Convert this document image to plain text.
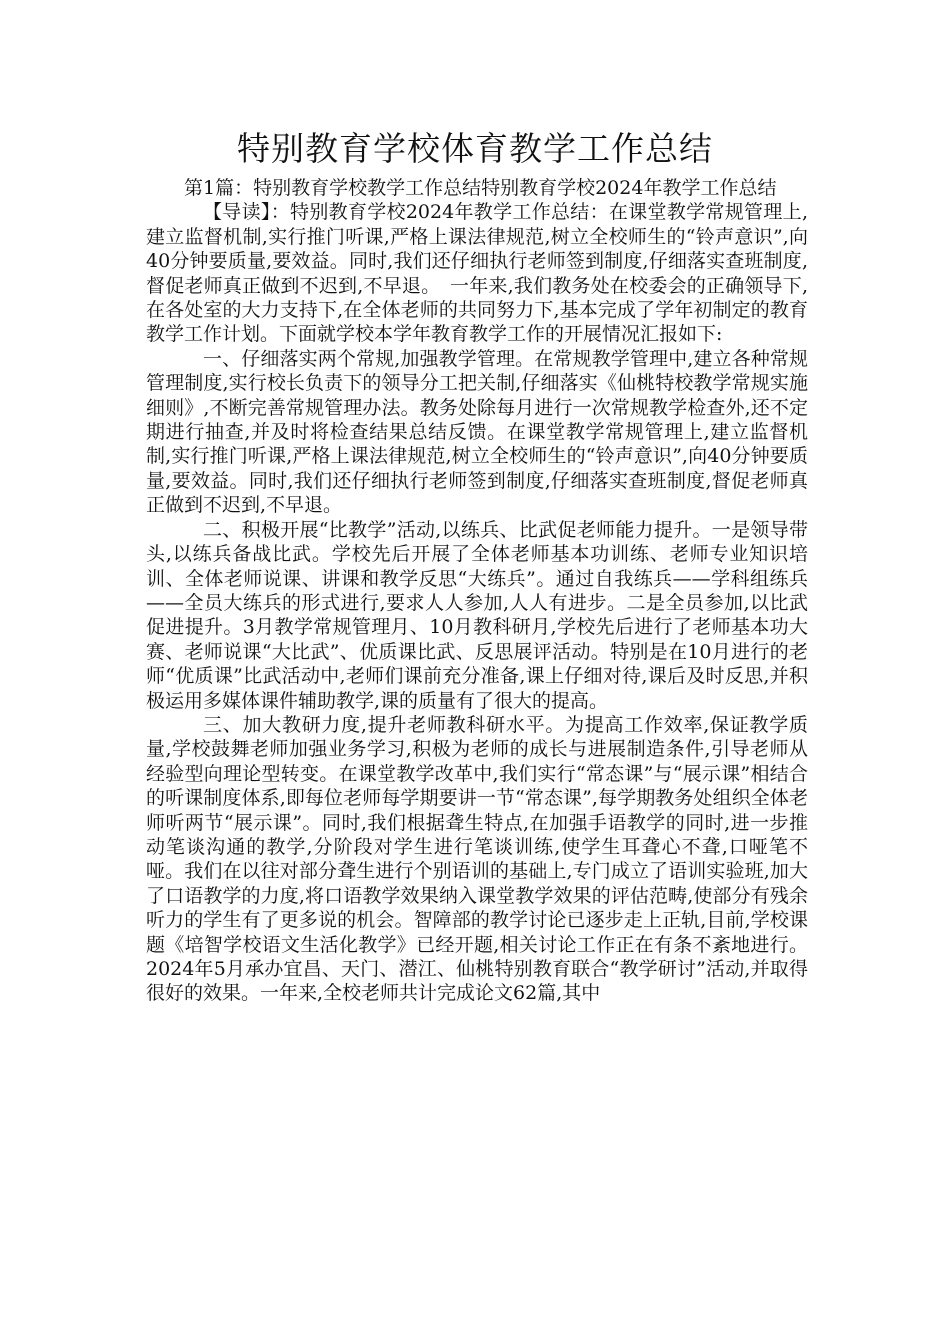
特别教育学校体育教学工作总结

第1篇：特别教育学校教学工作总结特别教育学校2024年教学工作总结

【导读】：特别教育学校2024年教学工作总结：在课堂教学常规管理上,建立监督机制,实行推门听课,严格上课法律规范,树立全校师生的“铃声意识”,向40分钟要质量,要效益。同时,我们还仔细执行老师签到制度,仔细落实查班制度,督促老师真正做到不迟到,不早退。　一年来,我们教务处在校委会的正确领导下,在各处室的大力支持下,在全体老师的共同努力下,基本完成了学年初制定的教育教学工作计划。下面就学校本学年教育教学工作的开展情况汇报如下:

一、仔细落实两个常规,加强教学管理。在常规教学管理中,建立各种常规管理制度,实行校长负责下的领导分工把关制,仔细落实《仙桃特校教学常规实施细则》,不断完善常规管理办法。教务处除每月进行一次常规教学检查外,还不定期进行抽查,并及时将检查结果总结反馈。在课堂教学常规管理上,建立监督机制,实行推门听课,严格上课法律规范,树立全校师生的“铃声意识”,向40分钟要质量,要效益。同时,我们还仔细执行老师签到制度,仔细落实查班制度,督促老师真正做到不迟到,不早退。

二、积极开展“比教学”活动,以练兵、比武促老师能力提升。一是领导带头,以练兵备战比武。学校先后开展了全体老师基本功训练、老师专业知识培训、全体老师说课、讲课和教学反思“大练兵”。通过自我练兵——学科组练兵——全员大练兵的形式进行,要求人人参加,人人有进步。二是全员参加,以比武促进提升。3月教学常规管理月、10月教科研月,学校先后进行了老师基本功大赛、老师说课“大比武”、优质课比武、反思展评活动。特别是在10月进行的老师“优质课”比武活动中,老师们课前充分准备,课上仔细对待,课后及时反思,并积极运用多媒体课件辅助教学,课的质量有了很大的提高。

三、加大教研力度,提升老师教科研水平。为提高工作效率,保证教学质量,学校鼓舞老师加强业务学习,积极为老师的成长与进展制造条件,引导老师从经验型向理论型转变。在课堂教学改革中,我们实行“常态课”与“展示课”相结合的听课制度体系,即每位老师每学期要讲一节“常态课”,每学期教务处组织全体老师听两节“展示课”。同时,我们根据聋生特点,在加强手语教学的同时,进一步推动笔谈沟通的教学,分阶段对学生进行笔谈训练,使学生耳聋心不聋,口哑笔不哑。我们在以往对部分聋生进行个别语训的基础上,专门成立了语训实验班,加大了口语教学的力度,将口语教学效果纳入课堂教学效果的评估范畴,使部分有残余听力的学生有了更多说的机会。智障部的教学讨论已逐步走上正轨,目前,学校课题《培智学校语文生活化教学》已经开题,相关讨论工作正在有条不紊地进行。2024年5月承办宜昌、天门、潜江、仙桃特别教育联合“教学研讨”活动,并取得很好的效果。一年来,全校老师共计完成论文62篇,其中
